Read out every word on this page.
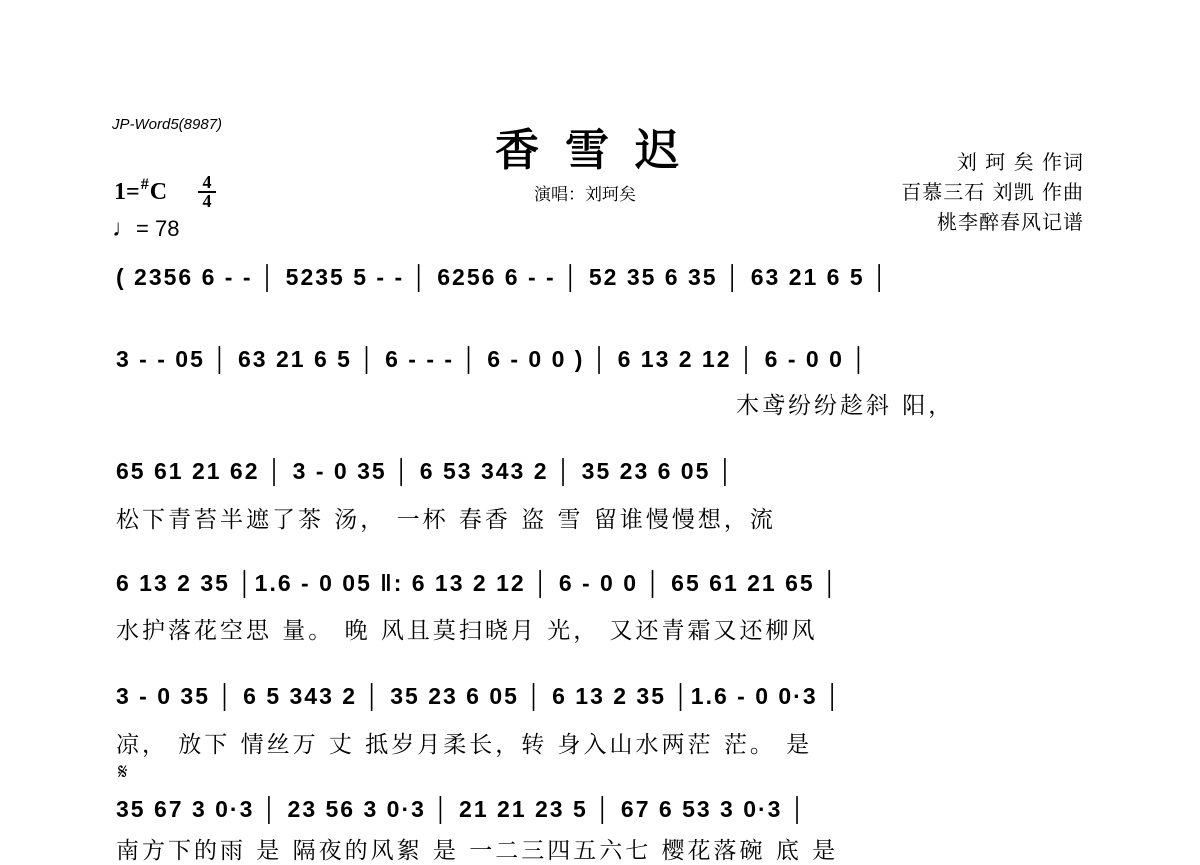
JP-Word5(8987)
香雪迟
演唱：刘珂矣
刘 珂 矣 作词
百慕三石 刘凯 作曲
桃李醉春风记谱
$1=^{\#}C \frac{4}{4}$
♩= 78
( 2356 6 - - │ 5235 5 - - │ 6256 6 - - │ 52 35 6 35 │ 63 21 6 5 │
3 - - 05 │ 63 21 6 5 │ 6 - - - │ 6 - 0 0 ) │ 6 13 2 12 │ 6 - 0 0 │
木鸢纷纷趁斜 阳，
65 61 21 62 │ 3 - 0 35 │ 6 53 343 2 │ 35 23 6 05 │
松下青苔半遮了茶 汤， 一杯 春香 盗 雪 留谁慢慢想，流
6 13 2 35 │1.6 - 0 05 ‖: 6 13 2 12 │ 6 - 0 0 │ 65 61 21 65 │
水护落花空思 量。 晚 风且莫扫晓月 光， 又还青霜又还柳风
3 - 0 35 │ 6 5 343 2 │ 35 23 6 05 │ 6 13 2 35 │1.6 - 0 0·3 │
凉， 放下 情丝万 丈 抵岁月柔长，转 身入山水两茫 茫。 是
𝄋
35 67 3 0·3 │ 23 56 3 0·3 │ 21 21 23 5 │ 67 6 53 3 0·3 │
南方下的雨 是 隔夜的风絮 是 一二三四五六七 樱花落碗 底 是
